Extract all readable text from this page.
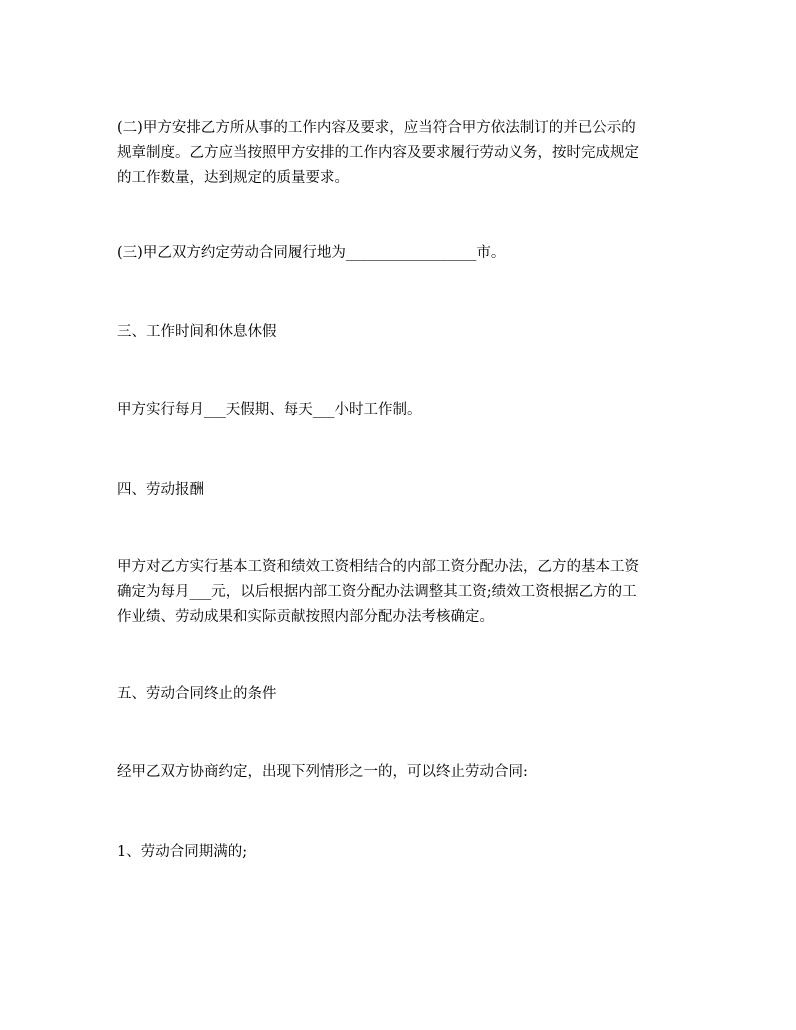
(二)甲方安排乙方所从事的工作内容及要求，应当符合甲方依法制订的并已公示的
规章制度。乙方应当按照甲方安排的工作内容及要求履行劳动义务，按时完成规定
的工作数量，达到规定的质量要求。

(三)甲乙双方约定劳动合同履行地为__________________市。

三、工作时间和休息休假

甲方实行每月___天假期、每天___小时工作制。

四、劳动报酬

甲方对乙方实行基本工资和绩效工资相结合的内部工资分配办法，乙方的基本工资
确定为每月___元，以后根据内部工资分配办法调整其工资;绩效工资根据乙方的工
作业绩、劳动成果和实际贡献按照内部分配办法考核确定。

五、劳动合同终止的条件

经甲乙双方协商约定，出现下列情形之一的，可以终止劳动合同:

1、劳动合同期满的;
